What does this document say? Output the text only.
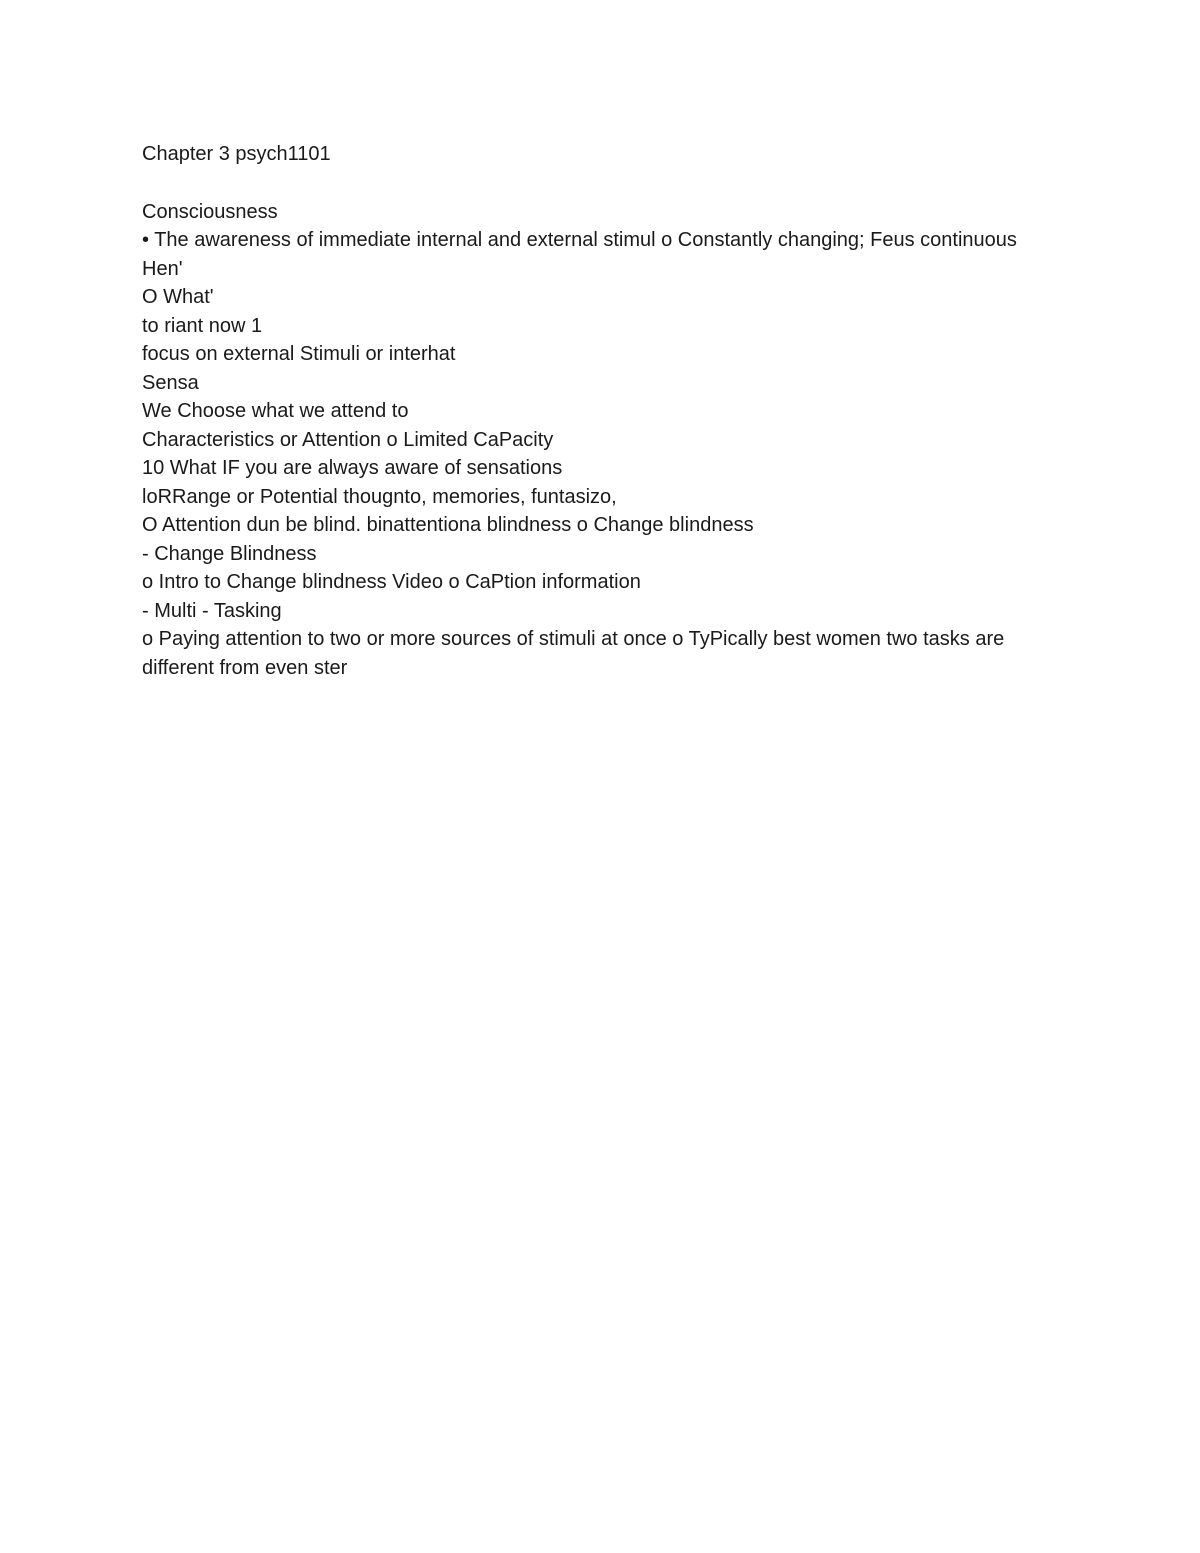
Chapter 3 psych1101
Consciousness
• The awareness of immediate internal and external stimul o Constantly changing; Feus continuous
Hen'
O What'
to riant now 1
focus on external Stimuli or interhat
Sensa
We Choose what we attend to
Characteristics or Attention o Limited CaPacity
10 What IF you are always aware of sensations
loRRange or Potential thougnto, memories, funtasizo,
O Attention dun be blind. binattentiona blindness o Change blindness
- Change Blindness
o Intro to Change blindness Video o CaPtion information
- Multi - Tasking
o Paying attention to two or more sources of stimuli at once o TyPically best women two tasks are different from even ster
